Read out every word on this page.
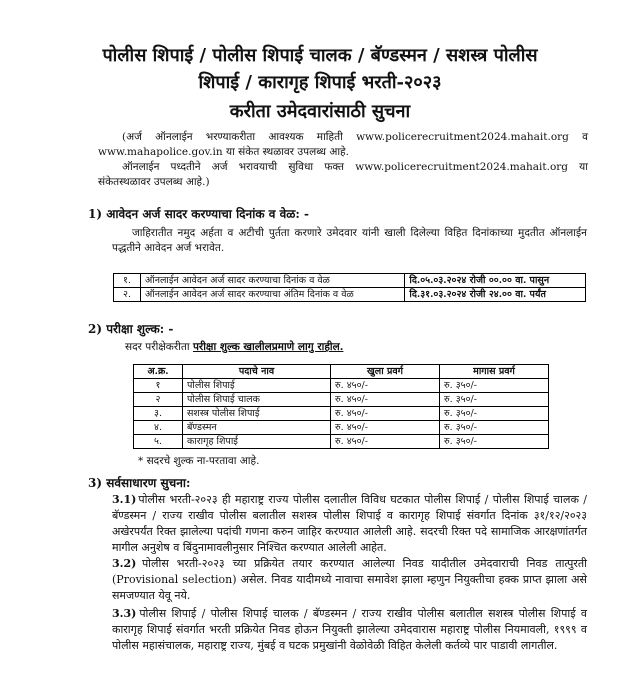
पोलीस शिपाई / पोलीस शिपाई चालक / बॅण्डस्मन / सशस्त्र पोलीस
शिपाई / कारागृह शिपाई भरती-२०२३
करीता उमेदवारांसाठी सुचना

(अर्ज ऑनलाईन भरण्याकरीता आवश्यक माहिती www.policerecruitment2024.mahait.org व www.mahapolice.gov.in या संकेत स्थळावर उपलब्ध आहे.

ऑनलाईन पध्दतीने अर्ज भरावयाची सुविधा फक्त www.policerecruitment2024.mahait.org या संकेतस्थळावर उपलब्ध आहे.)

1) आवेदन अर्ज सादर करण्याचा दिनांक व वेळ: -
जाहिरातीत नमुद अर्हता व अटीची पुर्तता करणारे उमेदवार यांनी खाली दिलेल्या विहित दिनांकाच्या मुदतीत ऑनलाईन पद्धतीने आवेदन अर्ज भरावेत.
१.	ऑनलाईन आवेदन अर्ज सादर करण्याचा दिनांक व वेळ	दि.०५.०३.२०२४ रोजी ००.०० वा. पासुन
२.	ऑनलाईन आवेदन अर्ज सादर करण्याचा अंतिम दिनांक व वेळ	दि.३१.०३.२०२४ रोजी २४.०० वा. पर्यंत
2) परीक्षा शुल्क: -
सदर परीक्षेकरीता परीक्षा शुल्क खालीलप्रमाणे लागु राहील.
अ.क्र.	पदाचे नाव	खुला प्रवर्ग	मागास प्रवर्ग
१	पोलीस शिपाई	रु. ४५०/-	रु. ३५०/-
२	पोलीस शिपाई चालक	रु. ४५०/-	रु. ३५०/-
३.	सशस्त्र पोलीस शिपाई	रु. ४५०/-	रु. ३५०/-
४.	बॅण्डस्मन	रु. ४५०/-	रु. ३५०/-
५.	कारागृह शिपाई	रु. ४५०/-	रु. ३५०/-
* सदरचे शुल्क ना-परतावा आहे.
3) सर्वसाधारण सुचना:
3.1) पोलीस भरती-२०२३ ही महाराष्ट्र राज्य पोलीस दलातील विविध घटकात पोलीस शिपाई / पोलीस शिपाई चालक / बॅण्डस्मन / राज्य राखीव पोलीस बलातील सशस्त्र पोलीस शिपाई व कारागृह शिपाई संवर्गात दिनांक ३१/१२/२०२३ अखेरपर्यंत रिक्त झालेल्या पदांची गणना करुन जाहिर करण्यात आलेली आहे. सदरची रिक्त पदे सामाजिक आरक्षणांतर्गत मागील अनुशेष व बिंदुनामावलीनुसार निश्चित करण्यात आलेली आहेत.
3.2) पोलीस भरती-२०२३ च्या प्रक्रियेत तयार करण्यात आलेल्या निवड यादीतील उमेदवाराची निवड तात्पुरती (Provisional selection) असेल. निवड यादीमध्ये नावाचा समावेश झाला म्हणुन नियुक्तीचा हक्क प्राप्त झाला असे समजण्यात येवू नये.
3.3) पोलीस शिपाई / पोलीस शिपाई चालक / बॅण्डस्मन / राज्य राखीव पोलीस बलातील सशस्त्र पोलीस शिपाई व कारागृह शिपाई संवर्गात भरती प्रक्रियेत निवड होऊन नियुक्ती झालेल्या उमेदवारास महाराष्ट्र पोलीस नियमावली, १९९९ व पोलीस महासंचालक, महाराष्ट्र राज्य, मुंबई व घटक प्रमुखांनी वेळोवेळी विहित केलेली कर्तव्ये पार पाडावी लागतील.
